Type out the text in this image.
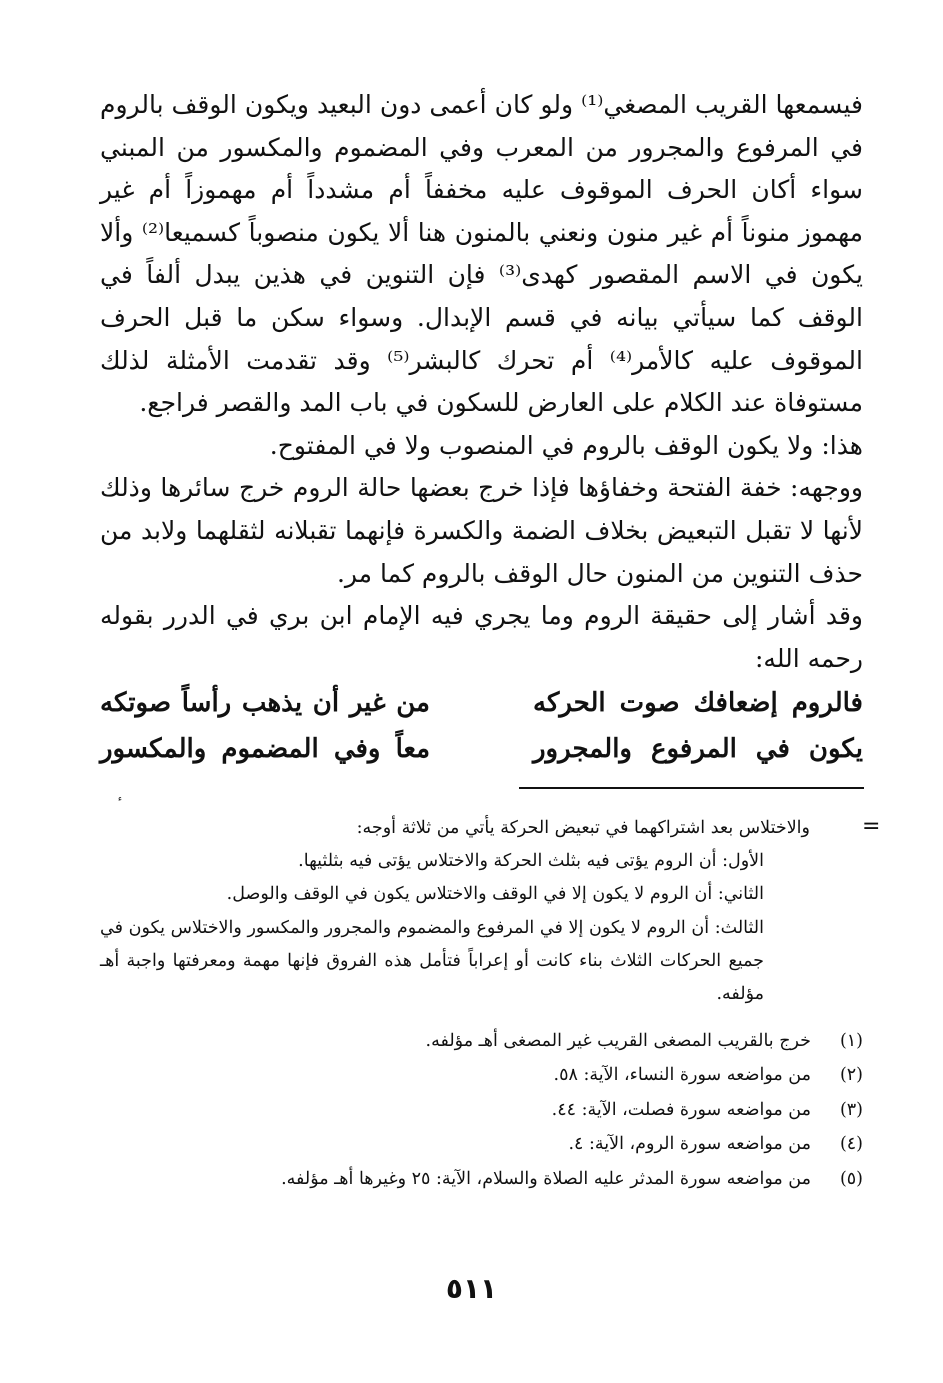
فيسمعها القريب المصغي⁽¹⁾ ولو كان أعمى دون البعيد ويكون الوقف بالروم في المرفوع والمجرور من المعرب وفي المضموم والمكسور من المبني سواء أكان الحرف الموقوف عليه مخففاً أم مشدداً أم مهموزاً أم غير مهموز منوناً أم غير منون ونعني بالمنون هنا ألا يكون منصوباً كسميعا⁽²⁾ وألا يكون في الاسم المقصور كهدى⁽³⁾ فإن التنوين في هذين يبدل ألفاً في الوقف كما سيأتي بيانه في قسم الإبدال. وسواء سكن ما قبل الحرف الموقوف عليه كالأمر⁽⁴⁾ أم تحرك كالبشر⁽⁵⁾ وقد تقدمت الأمثلة لذلك مستوفاة عند الكلام على العارض للسكون في باب المد والقصر فراجع.

هذا: ولا يكون الوقف بالروم في المنصوب ولا في المفتوح.

ووجهه: خفة الفتحة وخفاؤها فإذا خرج بعضها حالة الروم خرج سائرها وذلك لأنها لا تقبل التبعيض بخلاف الضمة والكسرة فإنهما تقبلانه لثقلهما ولابد من حذف التنوين من المنون حال الوقف بالروم كما مر.

وقد أشار إلى حقيقة الروم وما يجري فيه الإمام ابن بري في الدرر بقوله رحمه الله:

فالروم إضعافك صوت الحركه
من غير أن يذهب رأساً صوتكه
يكون في المرفوع والمجرور
معاً وفي المضموم والمكسور
=

والاختلاس بعد اشتراكهما في تبعيض الحركة يأتي من ثلاثة أوجه:

الأول: أن الروم يؤتى فيه بثلث الحركة والاختلاس يؤتى فيه بثلثيها.

الثاني: أن الروم لا يكون إلا في الوقف والاختلاس يكون في الوقف والوصل.

الثالث: أن الروم لا يكون إلا في المرفوع والمضموم والمجرور والمكسور والاختلاس يكون في جميع الحركات الثلاث بناء كانت أو إعراباً فتأمل هذه الفروق فإنها مهمة ومعرفتها واجبة أهـ مؤلفه.

(١)
خرج بالقريب المصغى القريب غير المصغى أهـ مؤلفه.
(٢)
من مواضعه سورة النساء، الآية: ٥٨.
(٣)
من مواضعه سورة فصلت، الآية: ٤٤.
(٤)
من مواضعه سورة الروم، الآية: ٤.
(٥)
من مواضعه سورة المدثر عليه الصلاة والسلام، الآية: ٢٥ وغيرها أهـ مؤلفه.
٥١١
